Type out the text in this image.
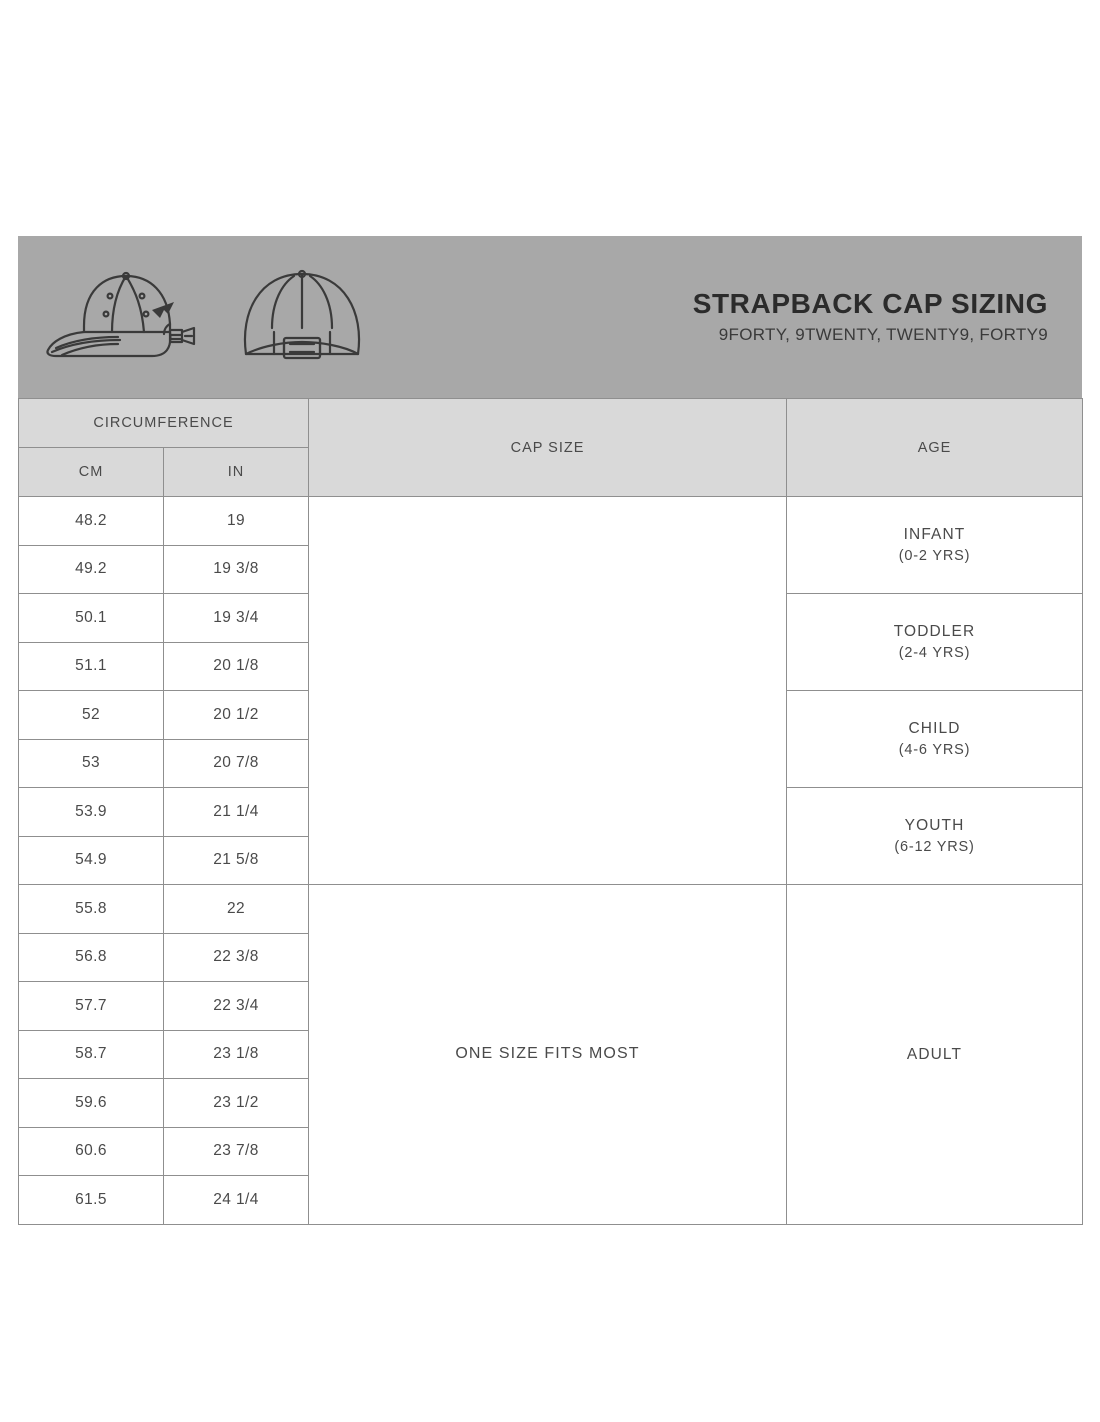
STRAPBACK CAP SIZING

9FORTY, 9TWENTY, TWENTY9, FORTY9

CIRCUMFERENCE		CAP SIZE	AGE
CM	IN		
48.2	19		INFANT
(0-2 YRS)

49.2	19 3/8		
50.1	19 3/4		TODDLER
(2-4 YRS)

51.1	20 1/8		
52	20 1/2		CHILD
(4-6 YRS)

53	20 7/8		
53.9	21 1/4		YOUTH
(6-12 YRS)

54.9	21 5/8		
55.8	22	ONE SIZE FITS MOST	ADULT
56.8	22 3/8		
57.7	22 3/4		
58.7	23 1/8		
59.6	23 1/2		
60.6	23 7/8		
61.5	24 1/4		
